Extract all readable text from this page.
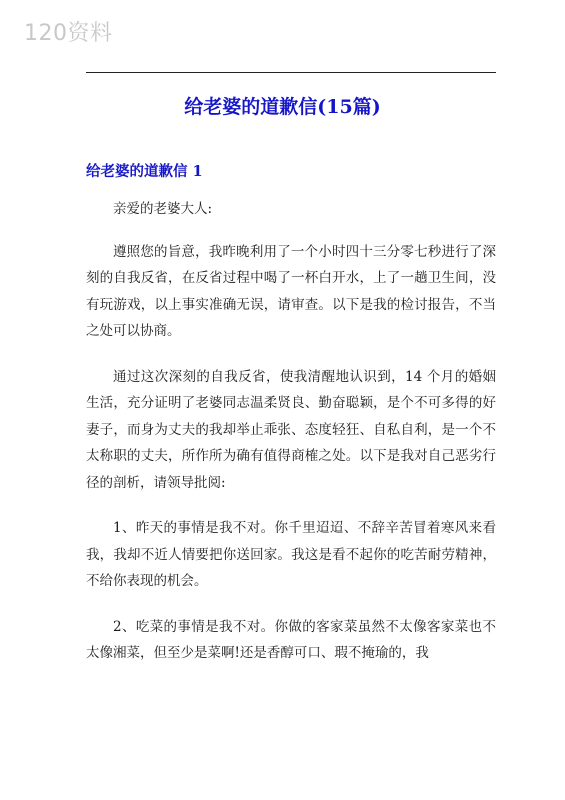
120资料
给老婆的道歉信(15篇)
给老婆的道歉信 1

亲爱的老婆大人:

遵照您的旨意，我昨晚利用了一个小时四十三分零七秒进行了深刻的自我反省，在反省过程中喝了一杯白开水，上了一趟卫生间，没有玩游戏，以上事实准确无误，请审查。以下是我的检讨报告，不当之处可以协商。

通过这次深刻的自我反省，使我清醒地认识到，14 个月的婚姻生活，充分证明了老婆同志温柔贤良、勤奋聪颖，是个不可多得的好妻子，而身为丈夫的我却举止乖张、态度轻狂、自私自利，是一个不太称职的丈夫，所作所为确有值得商榷之处。以下是我对自己恶劣行径的剖析，请领导批阅:

1、昨天的事情是我不对。你千里迢迢、不辞辛苦冒着寒风来看我，我却不近人情要把你送回家。我这是看不起你的吃苦耐劳精神，不给你表现的机会。

2、吃菜的事情是我不对。你做的客家菜虽然不太像客家菜也不太像湘菜，但至少是菜啊!还是香醇可口、瑕不掩瑜的，我
